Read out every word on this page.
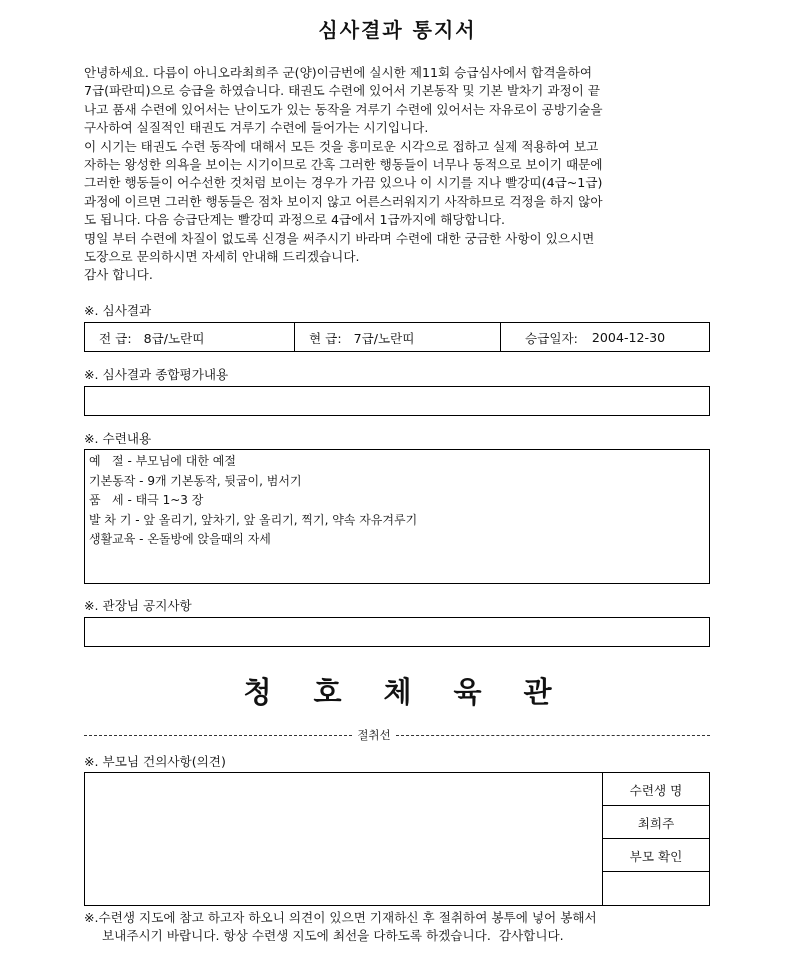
심사결과 통지서
안녕하세요. 다름이 아니오라최희주 군(양)이금번에 실시한 제11회 승급심사에서 합격을하여
7급(파란띠)으로 승급을 하였습니다. 태권도 수련에 있어서 기본동작 및 기본 발차기 과정이 끝
나고 품새 수련에 있어서는 난이도가 있는 동작을 겨루기 수련에 있어서는 자유로이 공방기술을
구사하여 실질적인 태권도 겨루기 수련에 들어가는 시기입니다.
이 시기는 태권도 수련 동작에 대해서 모든 것을 흥미로운 시각으로 접하고 실제 적용하여 보고
자하는 왕성한 의욕을 보이는 시기이므로 간혹 그러한 행동들이 너무나 동적으로 보이기 때문에
그러한 행동들이 어수선한 것처럼 보이는 경우가 가끔 있으나 이 시기를 지나 빨강띠(4급~1급)
과정에 이르면 그러한 행동들은 점차 보이지 않고 어른스러워지기 사작하므로 걱정을 하지 않아
도 됩니다. 다음 승급단계는 빨강띠 과정으로 4급에서 1급까지에 해당합니다.
명일 부터 수련에 차질이 없도록 신경을 써주시기 바라며 수련에 대한 궁금한 사항이 있으시면
도장으로 문의하시면 자세히 안내해 드리겠습니다.
감사 합니다.
※. 심사결과
전 급: 8급/노란띠	현 급: 7급/노란띠	승급일자: 2004-12-30
※. 심사결과 종합평가내용
※. 수련내용
예   절 - 부모님에 대한 예절
기본동작 - 9개 기본동작, 뒷굽이, 범서기
품   세 - 태극 1~3 장
발 차 기 - 앞 올리기, 앞차기, 앞 올리기, 찍기, 약속 자유겨루기
생활교육 - 온돌방에 앉을때의 자세
※. 관장님 공지사항
청호체육관
절취선
※. 부모님 건의사항(의견)
수련생 명
최희주
부모 확인
※.수련생 지도에 참고 하고자 하오니 의견이 있으면 기재하신 후 절취하여 봉투에 넣어 봉해서
보내주시기 바랍니다. 항상 수련생 지도에 최선을 다하도록 하겠습니다.  감사합니다.
